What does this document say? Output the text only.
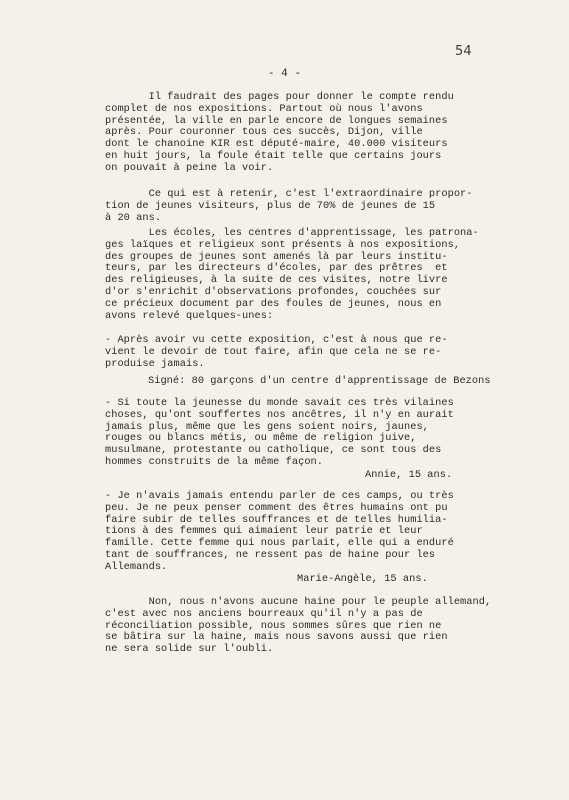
54
- 4 -

Il faudrait des pages pour donner le compte rendu
complet de nos expositions. Partout où nous l'avons
présentée, la ville en parle encore de longues semaines
après. Pour couronner tous ces succès, Dijon, ville
dont le chanoine KIR est député-maire, 40.000 visiteurs
en huit jours, la foule était telle que certains jours
on pouvait à peine la voir.

Ce qui est à retenir, c'est l'extraordinaire propor-
tion de jeunes visiteurs, plus de 70% de jeunes de 15
à 20 ans.

Les écoles, les centres d'apprentissage, les patrona-
ges laïques et religieux sont présents à nos expositions,
des groupes de jeunes sont amenés là par leurs institu-
teurs, par les directeurs d'écoles, par des prêtres  et
des religieuses, à la suite de ces visites, notre livre
d'or s'enrichit d'observations profondes, couchées sur
ce précieux document par des foules de jeunes, nous en
avons relevé quelques-unes:

- Après avoir vu cette exposition, c'est à nous que re-
vient le devoir de tout faire, afin que cela ne se re-
produise jamais.

Signé: 80 garçons d'un centre d'apprentissage de Bezons

- Si toute la jeunesse du monde savait ces très vilaines
choses, qu'ont souffertes nos ancêtres, il n'y en aurait
jamais plus, même que les gens soient noirs, jaunes,
rouges ou blancs métis, ou même de religion juive,
musulmane, protestante ou catholique, ce sont tous des
hommes construits de la même façon.

Annie, 15 ans.

- Je n'avais jamais entendu parler de ces camps, ou très
peu. Je ne peux penser comment des êtres humains ont pu
faire subir de telles souffrances et de telles humilia-
tions à des femmes qui aimaient leur patrie et leur
famille. Cette femme qui nous parlait, elle qui a enduré
tant de souffrances, ne ressent pas de haine pour les
Allemands.

Marie-Angèle, 15 ans.

Non, nous n'avons aucune haine pour le peuple allemand,
c'est avec nos anciens bourreaux qu'il n'y a pas de
réconciliation possible, nous sommes sûres que rien ne
se bâtira sur la haine, mais nous savons aussi que rien
ne sera solide sur l'oubli.
